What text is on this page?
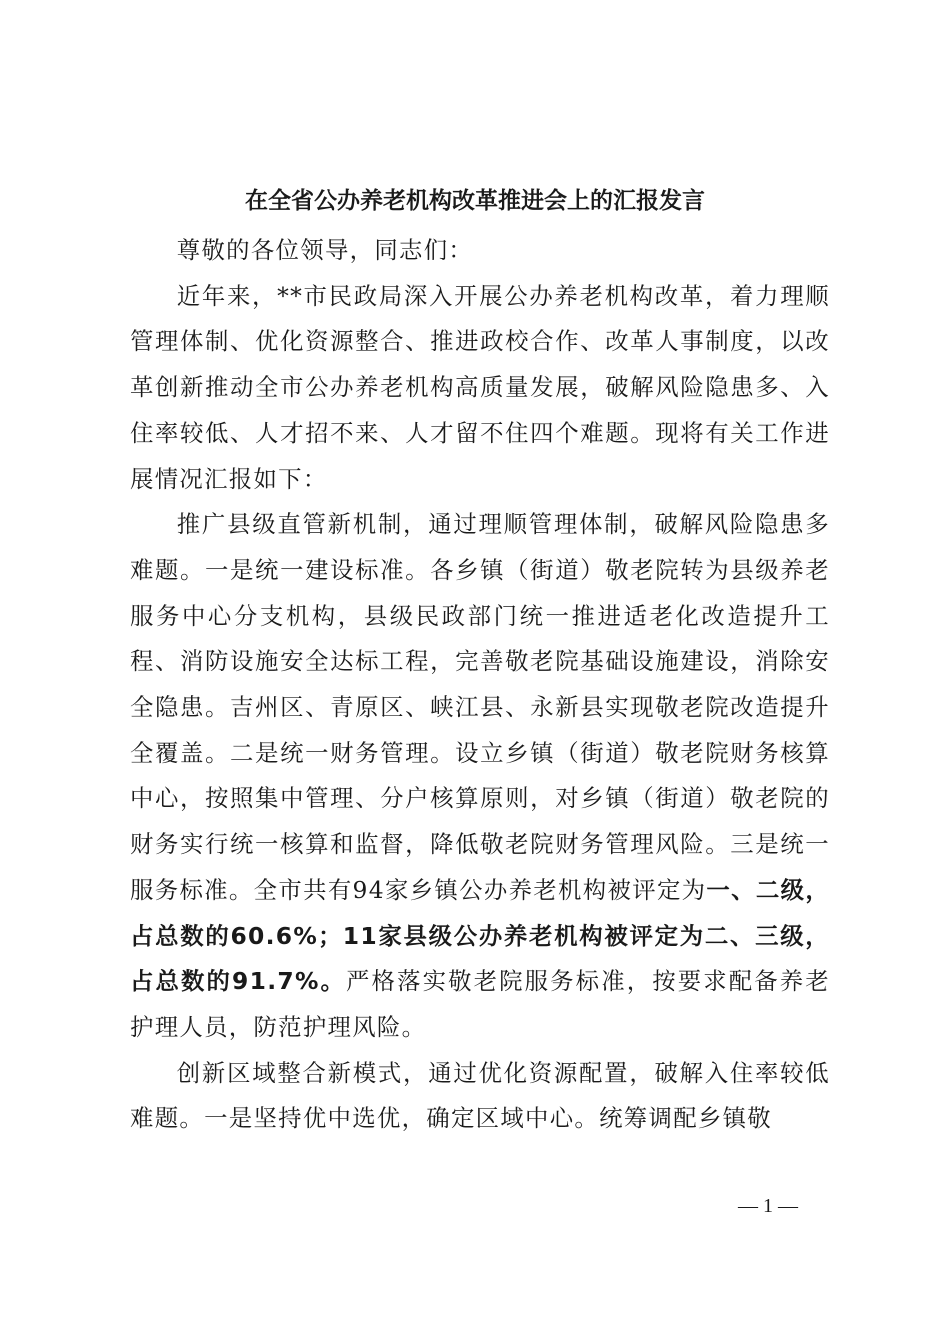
在全省公办养老机构改革推进会上的汇报发言

尊敬的各位领导，同志们：

近年来，**市民政局深入开展公办养老机构改革，着力理顺管理体制、优化资源整合、推进政校合作、改革人事制度，以改革创新推动全市公办养老机构高质量发展，破解风险隐患多、入住率较低、人才招不来、人才留不住四个难题。现将有关工作进展情况汇报如下：

推广县级直管新机制，通过理顺管理体制，破解风险隐患多难题。一是统一建设标准。各乡镇（街道）敬老院转为县级养老服务中心分支机构，县级民政部门统一推进适老化改造提升工程、消防设施安全达标工程，完善敬老院基础设施建设，消除安全隐患。吉州区、青原区、峡江县、永新县实现敬老院改造提升全覆盖。二是统一财务管理。设立乡镇（街道）敬老院财务核算中心，按照集中管理、分户核算原则，对乡镇（街道）敬老院的财务实行统一核算和监督，降低敬老院财务管理风险。三是统一服务标准。全市共有94家乡镇公办养老机构被评定为一、二级，占总数的60.6%；11家县级公办养老机构被评定为二、三级，占总数的91.7%。严格落实敬老院服务标准，按要求配备养老护理人员，防范护理风险。

创新区域整合新模式，通过优化资源配置，破解入住率较低难题。一是坚持优中选优，确定区域中心。统筹调配乡镇敬

— 1 —
